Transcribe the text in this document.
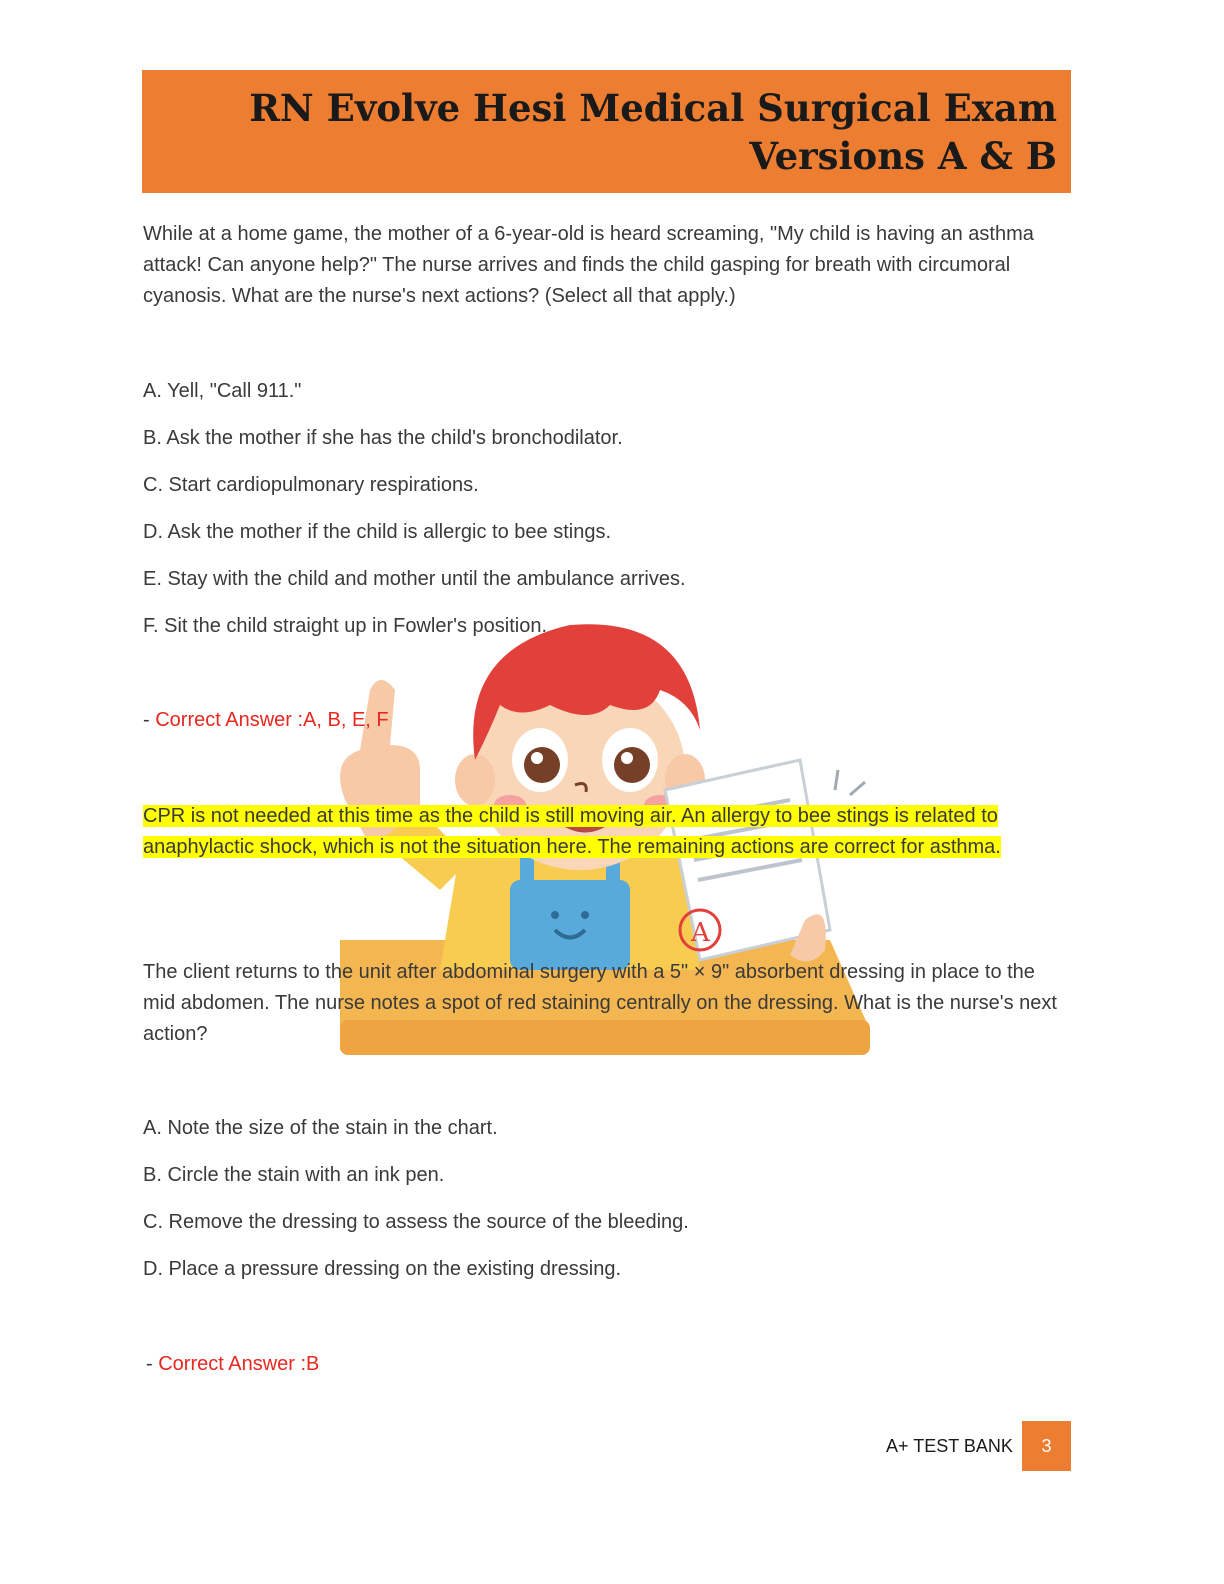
RN Evolve Hesi Medical Surgical Exam
Versions A & B
A
While at a home game, the mother of a 6-year-old is heard screaming, "My child is having an asthma attack! Can anyone help?" The nurse arrives and finds the child gasping for breath with circumoral cyanosis. What are the nurse's next actions? (Select all that apply.)
A. Yell, "Call 911."
B. Ask the mother if she has the child's bronchodilator.
C. Start cardiopulmonary respirations.
D. Ask the mother if the child is allergic to bee stings.
E. Stay with the child and mother until the ambulance arrives.
F. Sit the child straight up in Fowler's position.
- Correct Answer :A, B, E, F
CPR is not needed at this time as the child is still moving air. An allergy to bee stings is related to anaphylactic shock, which is not the situation here. The remaining actions are correct for asthma.
The client returns to the unit after abdominal surgery with a 5" × 9" absorbent dressing in place to the mid abdomen. The nurse notes a spot of red staining centrally on the dressing. What is the nurse's next action?
A. Note the size of the stain in the chart.
B. Circle the stain with an ink pen.
C. Remove the dressing to assess the source of the bleeding.
D. Place a pressure dressing on the existing dressing.
- Correct Answer :B
A+ TEST BANK	3
